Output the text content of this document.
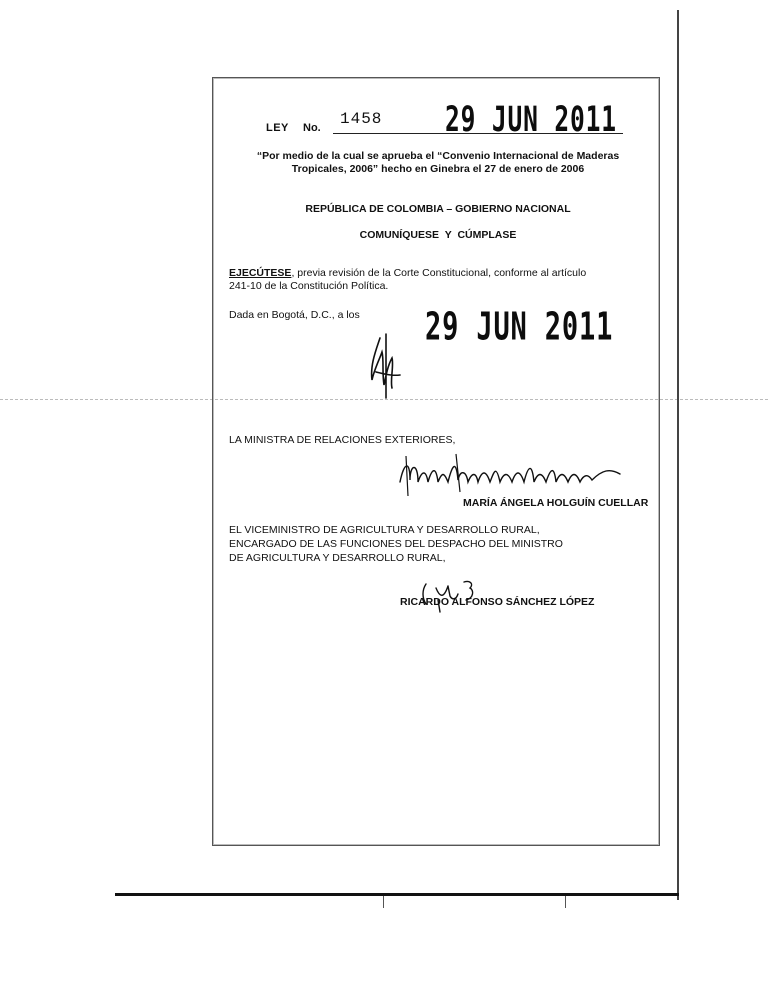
LEY No. 1458 29 JUN 2011
“Por medio de la cual se aprueba el “Convenio Internacional de Maderas
Tropicales, 2006” hecho en Ginebra el 27 de enero de 2006
REPÚBLICA DE COLOMBIA – GOBIERNO NACIONAL
COMUNÍQUESE Y CÚMPLASE
EJECÚTESE, previa revisión de la Corte Constitucional, conforme al artículo
241-10 de la Constitución Política.
Dada en Bogotá, D.C., a los 29 JUN 2011
LA MINISTRA DE RELACIONES EXTERIORES,
MARÍA ÁNGELA HOLGUÍN CUELLAR
EL VICEMINISTRO DE AGRICULTURA Y DESARROLLO RURAL,
ENCARGADO DE LAS FUNCIONES DEL DESPACHO DEL MINISTRO
DE AGRICULTURA Y DESARROLLO RURAL,
RICARDO ALFONSO SÁNCHEZ LÓPEZ
